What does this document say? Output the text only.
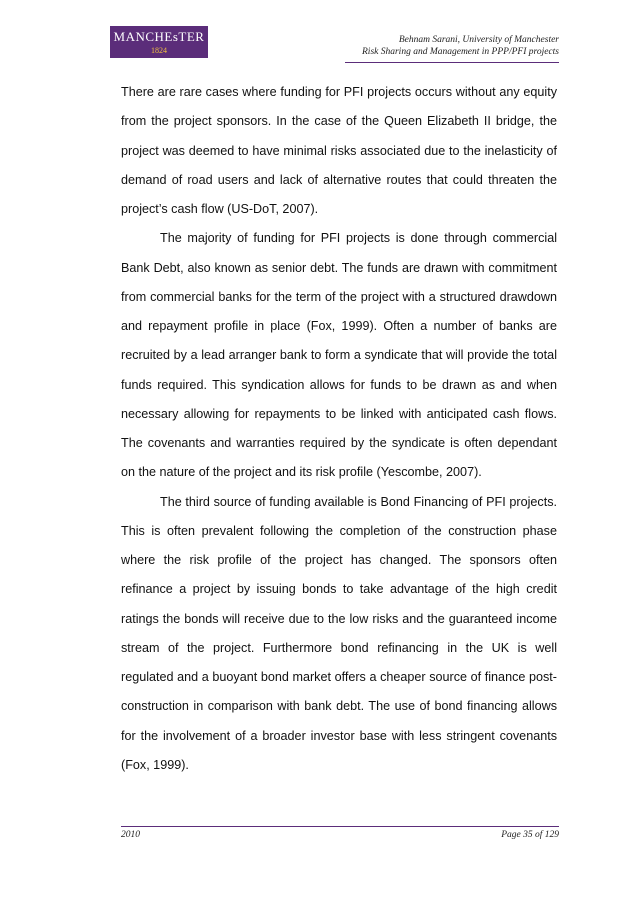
MANCHEsTER
1824
Behnam Sarani, University of Manchester
Risk Sharing and Management in PPP/PFI projects

There are rare cases where funding for PFI projects occurs without any equity from the project sponsors. In the case of the Queen Elizabeth II bridge, the project was deemed to have minimal risks associated due to the inelasticity of demand of road users and lack of alternative routes that could threaten the project’s cash flow (US-DoT, 2007).

The majority of funding for PFI projects is done through commercial Bank Debt, also known as senior debt. The funds are drawn with commitment from commercial banks for the term of the project with a structured drawdown and repayment profile in place (Fox, 1999). Often a number of banks are recruited by a lead arranger bank to form a syndicate that will provide the total funds required. This syndication allows for funds to be drawn as and when necessary allowing for repayments to be linked with anticipated cash flows. The covenants and warranties required by the syndicate is often dependant on the nature of the project and its risk profile (Yescombe, 2007).

The third source of funding available is Bond Financing of PFI projects. This is often prevalent following the completion of the construction phase where the risk profile of the project has changed. The sponsors often refinance a project by issuing bonds to take advantage of the high credit ratings the bonds will receive due to the low risks and the guaranteed income stream of the project. Furthermore bond refinancing in the UK is well regulated and a buoyant bond market offers a cheaper source of finance post-construction in comparison with bank debt. The use of bond financing allows for the involvement of a broader investor base with less stringent covenants (Fox, 1999).

2010	Page 35 of 129
